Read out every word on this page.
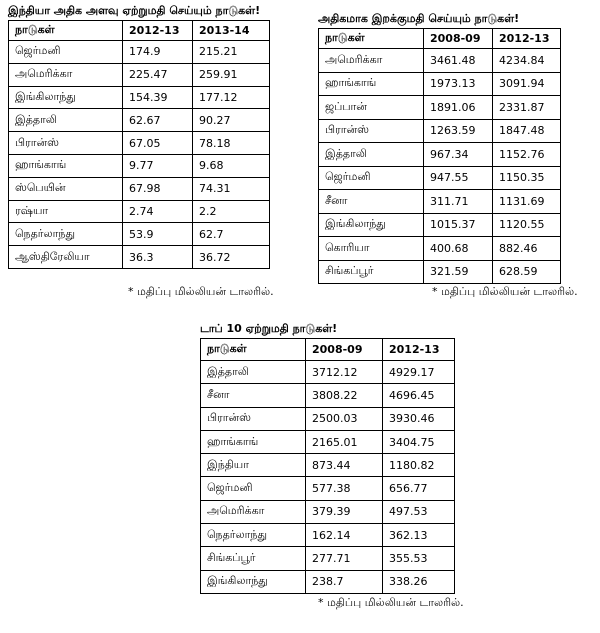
இந்தியா அதிக அளவு ஏற்றுமதி செய்யும் நாடுகள்!
நாடுகள்	2012-13	2013-14
ஜெர்மனி	174.9	215.21
அமெரிக்கா	225.47	259.91
இங்கிலாந்து	154.39	177.12
இத்தாலி	62.67	90.27
பிரான்ஸ்	67.05	78.18
ஹாங்காங்	9.77	9.68
ஸ்பெயின்	67.98	74.31
ரஷ்யா	2.74	2.2
நெதர்லாந்து	53.9	62.7
ஆஸ்திரேலியா	36.3	36.72
* மதிப்பு மில்லியன் டாலரில்.
அதிகமாக இறக்குமதி செய்யும் நாடுகள்!
நாடுகள்	2008-09	2012-13
அமெரிக்கா	3461.48	4234.84
ஹாங்காங்	1973.13	3091.94
ஜப்பான்	1891.06	2331.87
பிரான்ஸ்	1263.59	1847.48
இத்தாலி	967.34	1152.76
ஜெர்மனி	947.55	1150.35
சீனா	311.71	1131.69
இங்கிலாந்து	1015.37	1120.55
கொரியா	400.68	882.46
சிங்கப்பூர்	321.59	628.59
* மதிப்பு மில்லியன் டாலரில்.
டாப் 10 ஏற்றுமதி நாடுகள்!
நாடுகள்	2008-09	2012-13
இத்தாலி	3712.12	4929.17
சீனா	3808.22	4696.45
பிரான்ஸ்	2500.03	3930.46
ஹாங்காங்	2165.01	3404.75
இந்தியா	873.44	1180.82
ஜெர்மனி	577.38	656.77
அமெரிக்கா	379.39	497.53
நெதர்லாந்து	162.14	362.13
சிங்கப்பூர்	277.71	355.53
இங்கிலாந்து	238.7	338.26
* மதிப்பு மில்லியன் டாலரில்.
